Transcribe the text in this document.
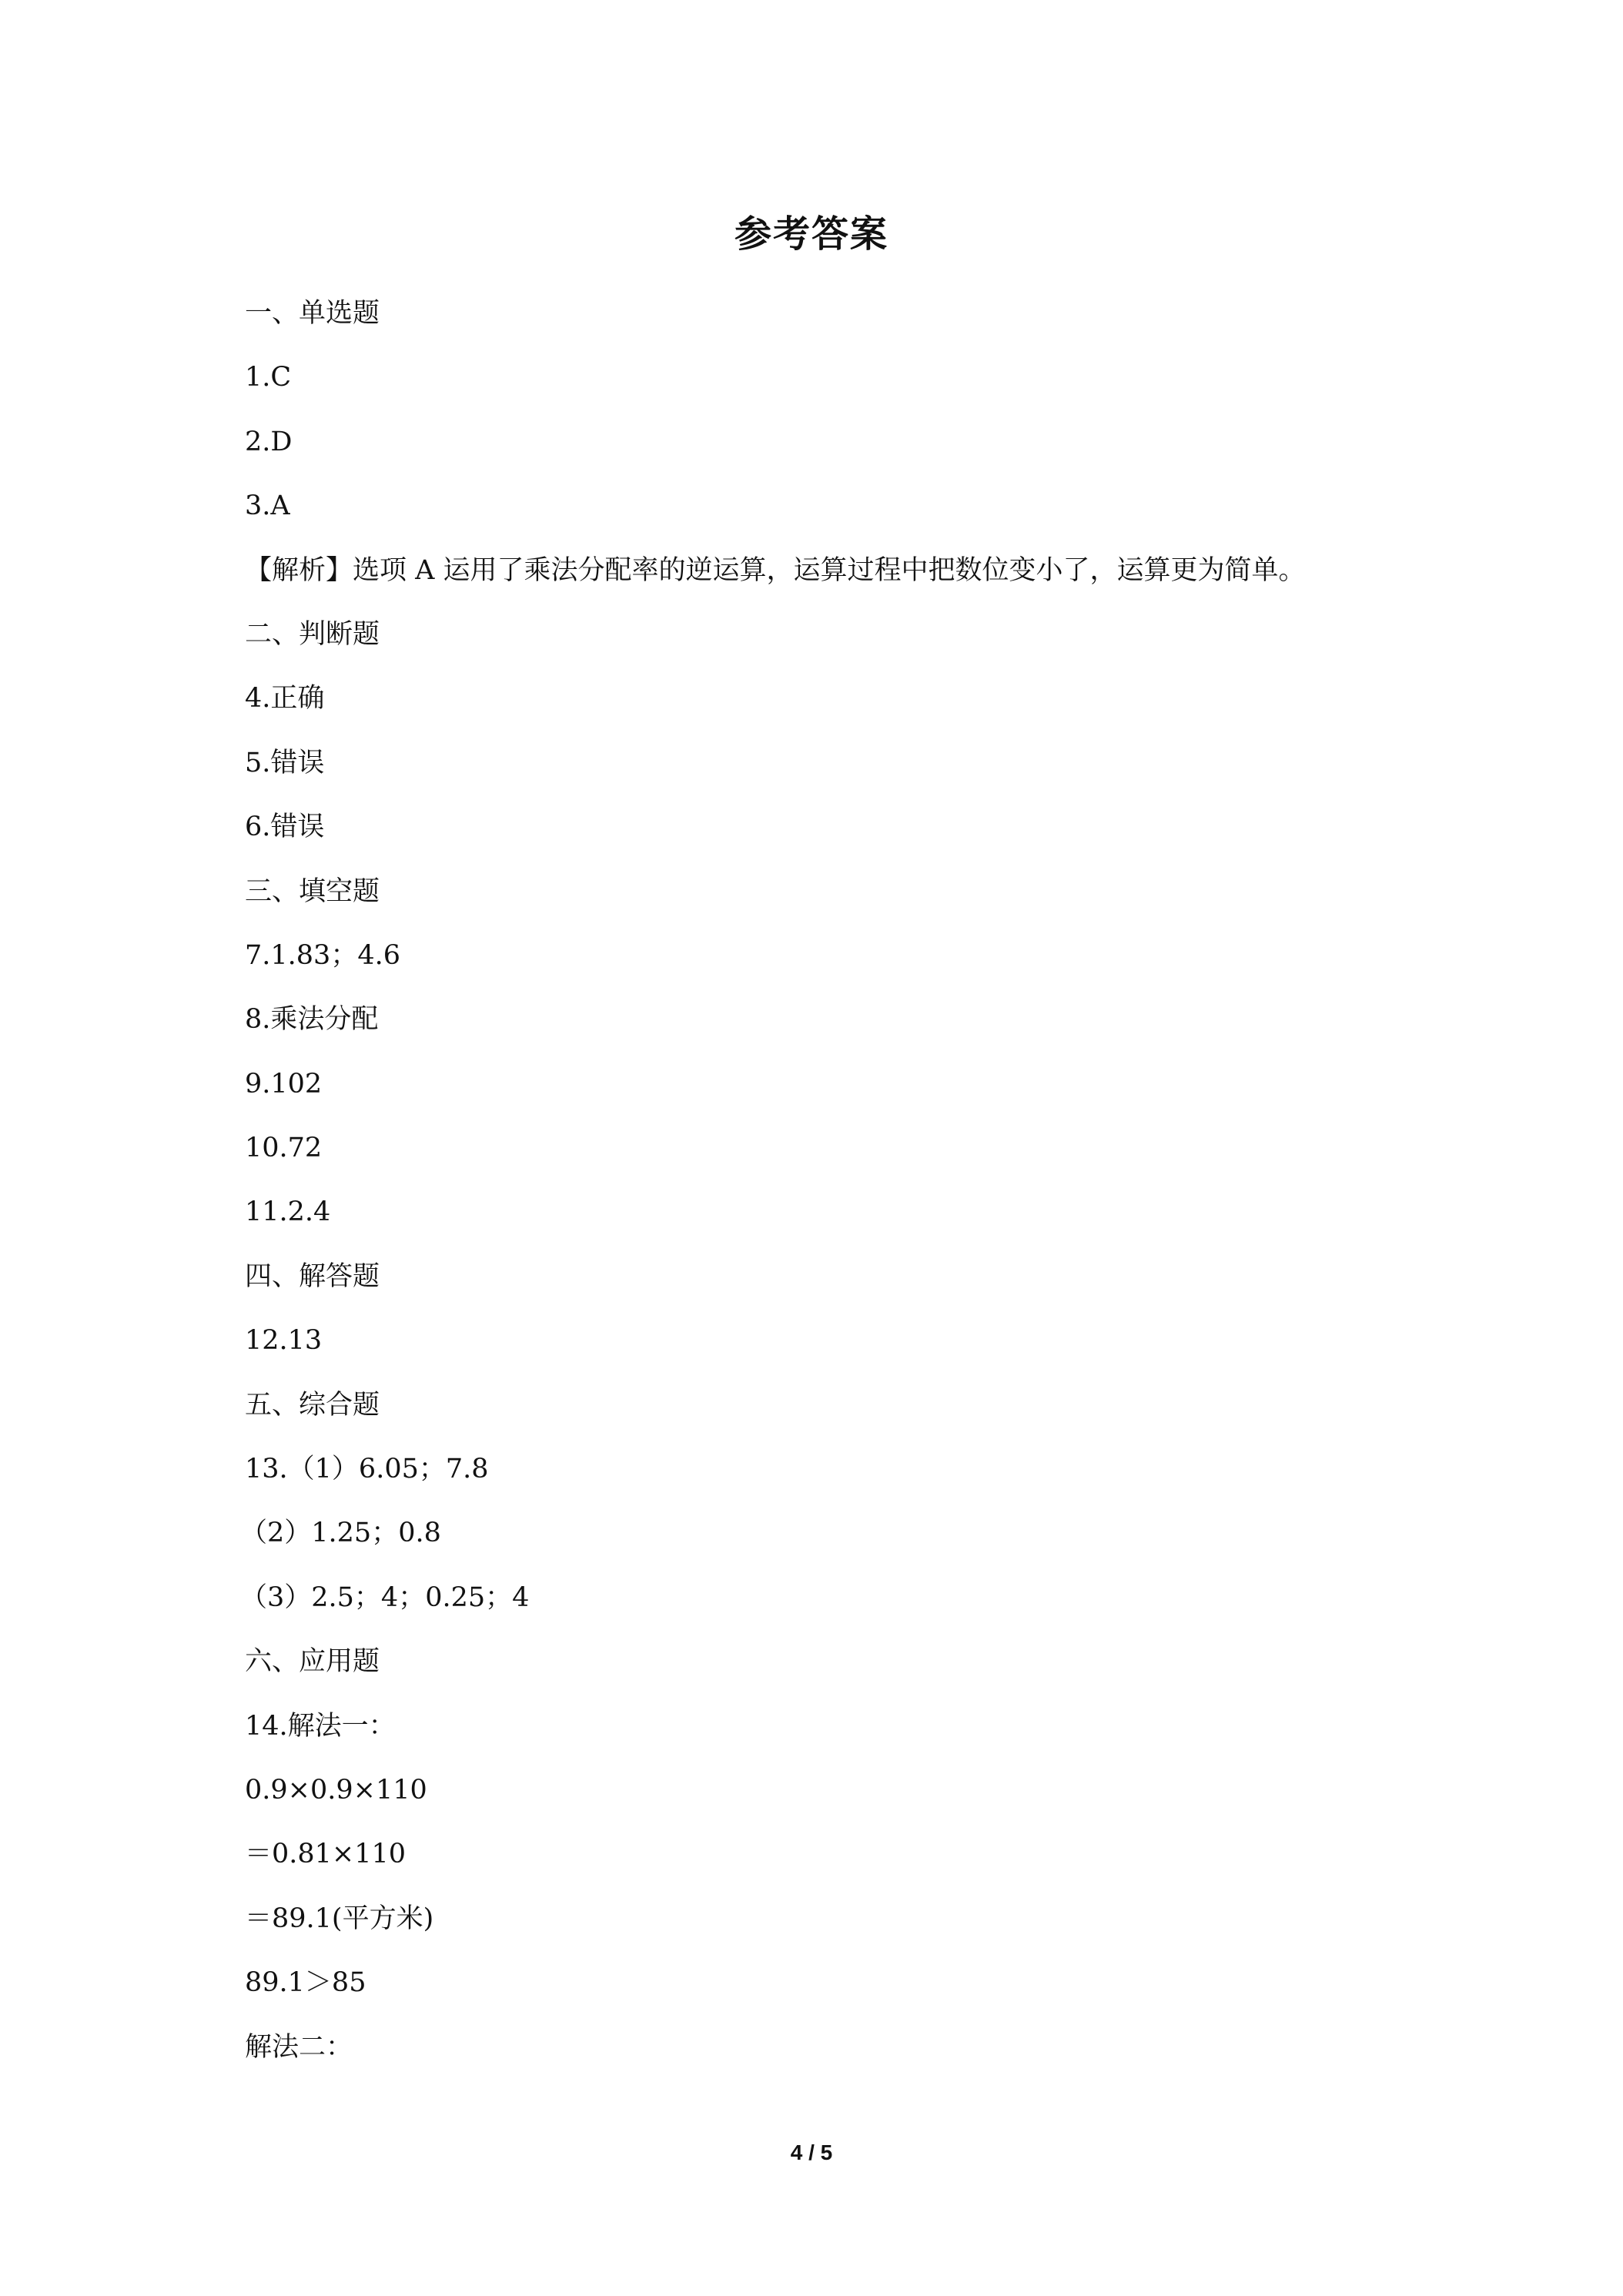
参考答案
一、单选题
1.C
2.D
3.A
【解析】选项 A 运用了乘法分配率的逆运算，运算过程中把数位变小了，运算更为简单。
二、判断题
4.正确
5.错误
6.错误
三、填空题
7.1.83；4.6
8.乘法分配
9.102
10.72
11.2.4
四、解答题
12.13
五、综合题
13.（1）6.05；7.8
（2）1.25；0.8
（3）2.5；4；0.25；4
六、应用题
14.解法一：
0.9×0.9×110
＝0.81×110
＝89.1(平方米)
89.1＞85
解法二：
4 / 5
